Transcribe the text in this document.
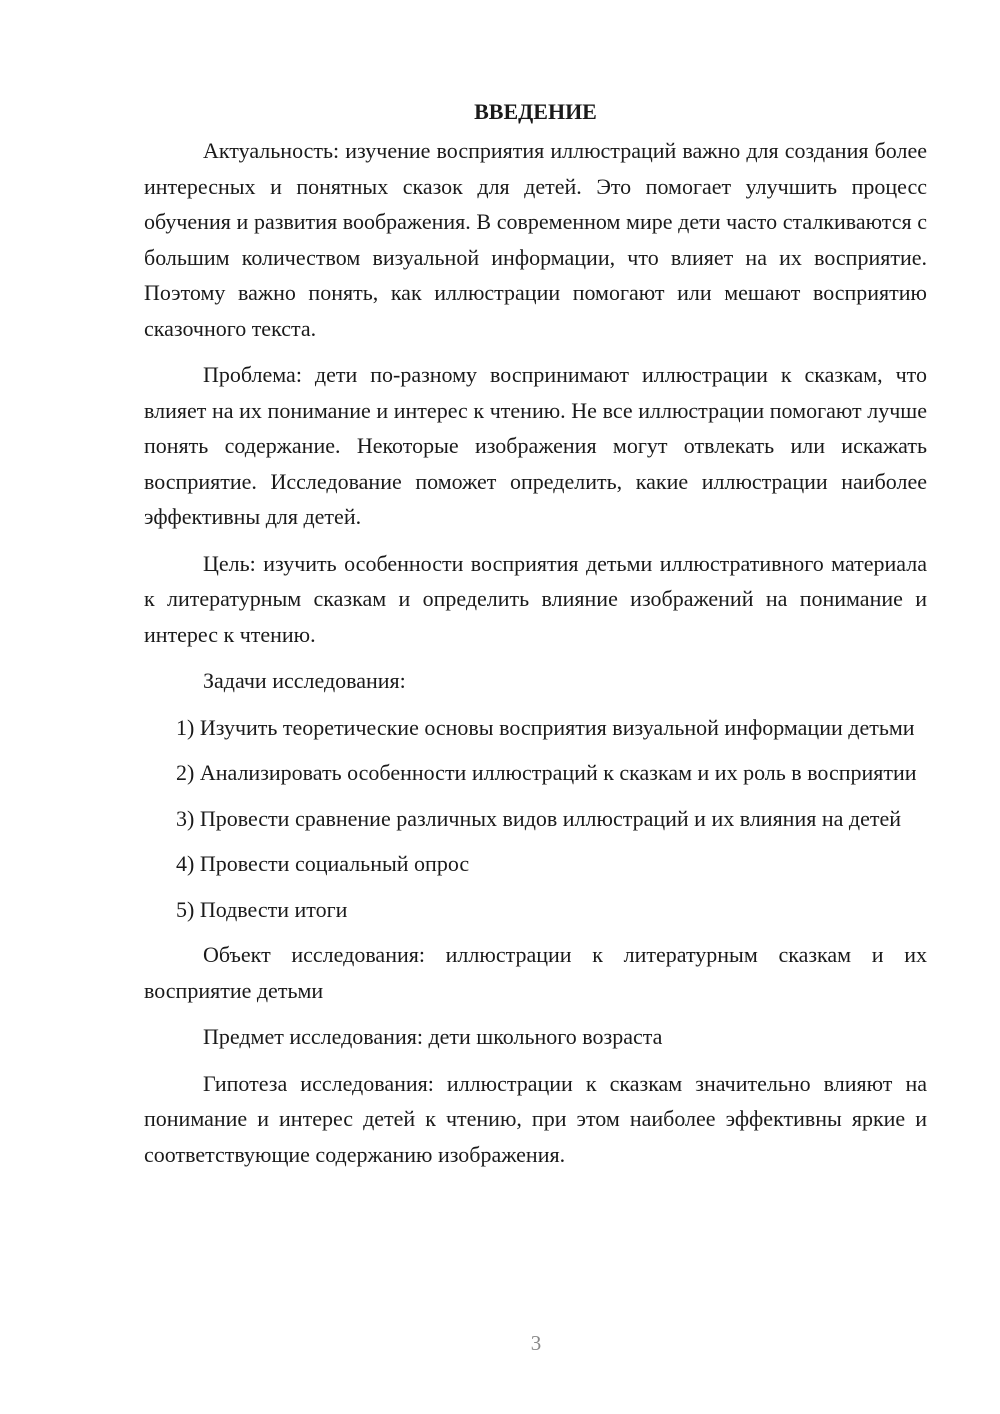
ВВЕДЕНИЕ

Актуальность: изучение восприятия иллюстраций важно для создания более интересных и понятных сказок для детей. Это помогает улучшить процесс обучения и развития воображения. В современном мире дети часто сталкиваются с большим количеством визуальной информации, что влияет на их восприятие. Поэтому важно понять, как иллюстрации помогают или мешают восприятию сказочного текста.

Проблема: дети по-разному воспринимают иллюстрации к сказкам, что влияет на их понимание и интерес к чтению. Не все иллюстрации помогают лучше понять содержание. Некоторые изображения могут отвлекать или искажать восприятие. Исследование поможет определить, какие иллюстрации наиболее эффективны для детей.

Цель: изучить особенности восприятия детьми иллюстративного материала к литературным сказкам и определить влияние изображений на понимание и интерес к чтению.

Задачи исследования:

1) Изучить теоретические основы восприятия визуальной информации детьми

2) Анализировать особенности иллюстраций к сказкам и их роль в восприятии

3) Провести сравнение различных видов иллюстраций и их влияния на детей

4) Провести социальный опрос

5) Подвести итоги

Объект исследования: иллюстрации к литературным сказкам и их восприятие детьми

Предмет исследования: дети школьного возраста

Гипотеза исследования: иллюстрации к сказкам значительно влияют на понимание и интерес детей к чтению, при этом наиболее эффективны яркие и соответствующие содержанию изображения.

3
